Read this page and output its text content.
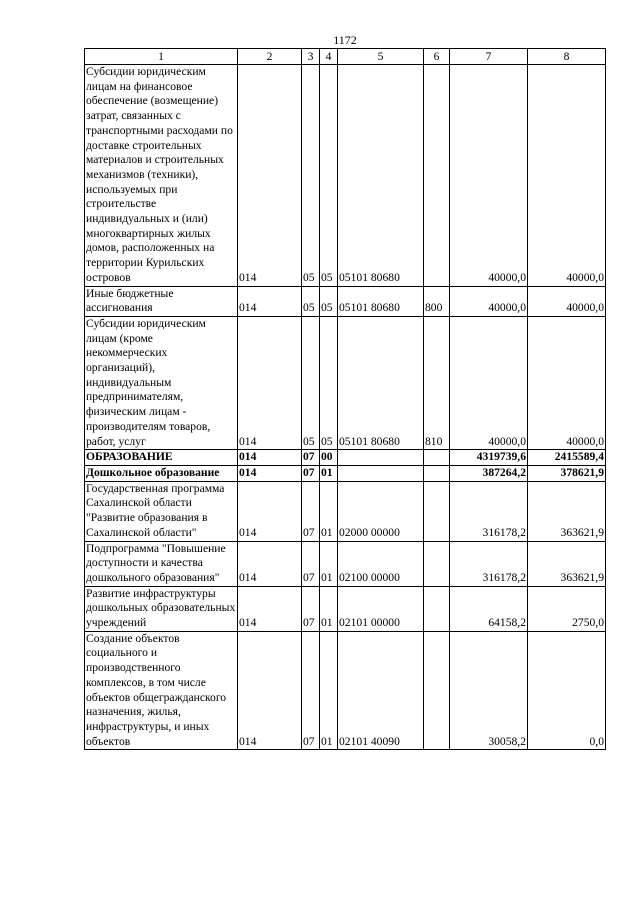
1172
1	2	3	4	5	6	7	8
Субсидии юридическим лицам на финансовое обеспечение (возмещение) затрат, связанных с транспортными расходами по доставке строительных материалов и строительных механизмов (техники), используемых при строительстве индивидуальных и (или) многоквартирных жилых домов, расположенных на территории Курильских островов	014	05	05	05101 80680		40000,0	40000,0
Иные бюджетные ассигнования	014	05	05	05101 80680	800	40000,0	40000,0
Субсидии юридическим лицам (кроме некоммерческих организаций), индивидуальным предпринимателям, физическим лицам - производителям товаров, работ, услуг	014	05	05	05101 80680	810	40000,0	40000,0
ОБРАЗОВАНИЕ	014	07	00			4319739,6	2415589,4
Дошкольное образование	014	07	01			387264,2	378621,9
Государственная программа Сахалинской области "Развитие образования в Сахалинской области"	014	07	01	02000 00000		316178,2	363621,9
Подпрограмма "Повышение доступности и качества дошкольного образования"	014	07	01	02100 00000		316178,2	363621,9
Развитие инфраструктуры дошкольных образовательных учреждений	014	07	01	02101 00000		64158,2	2750,0
Создание объектов социального и производственного комплексов, в том числе объектов общегражданского назначения, жилья, инфраструктуры, и иных объектов	014	07	01	02101 40090		30058,2	0,0
